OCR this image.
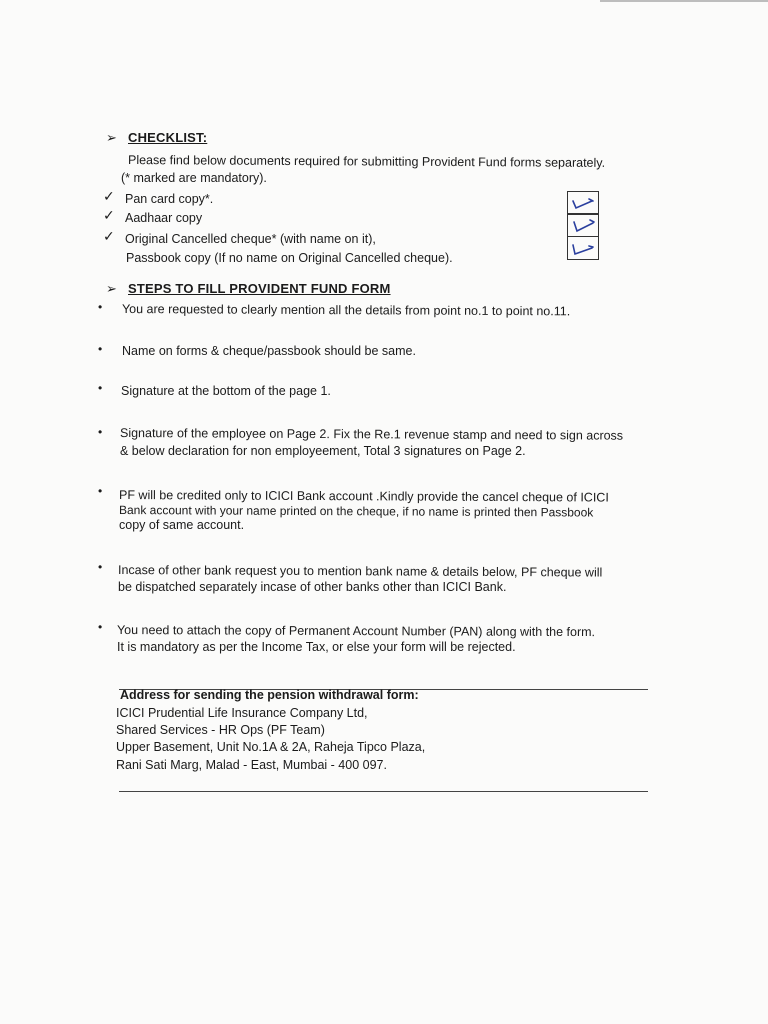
➢ CHECKLIST:
Please find below documents required for submitting Provident Fund forms separately.
(* marked are mandatory).
✓ Pan card copy*.
✓ Aadhaar copy
✓ Original Cancelled cheque* (with name on it),
Passbook copy (If no name on Original Cancelled cheque).
➢ STEPS TO FILL PROVIDENT FUND FORM
• You are requested to clearly mention all the details from point no.1 to point no.11.
• Name on forms & cheque/passbook should be same.
• Signature at the bottom of the page 1.
• Signature of the employee on Page 2. Fix the Re.1 revenue stamp and need to sign across
& below declaration for non employeement, Total 3 signatures on Page 2.
• PF will be credited only to ICICI Bank account .Kindly provide the cancel cheque of ICICI
Bank account with your name printed on the cheque, if no name is printed then Passbook
copy of same account.
• Incase of other bank request you to mention bank name & details below, PF cheque will
be dispatched separately incase of other banks other than ICICI Bank.
• You need to attach the copy of Permanent Account Number (PAN) along with the form.
It is mandatory as per the Income Tax, or else your form will be rejected.
Address for sending the pension withdrawal form:
ICICI Prudential Life Insurance Company Ltd,
Shared Services - HR Ops (PF Team)
Upper Basement, Unit No.1A & 2A, Raheja Tipco Plaza,
Rani Sati Marg, Malad - East, Mumbai - 400 097.
